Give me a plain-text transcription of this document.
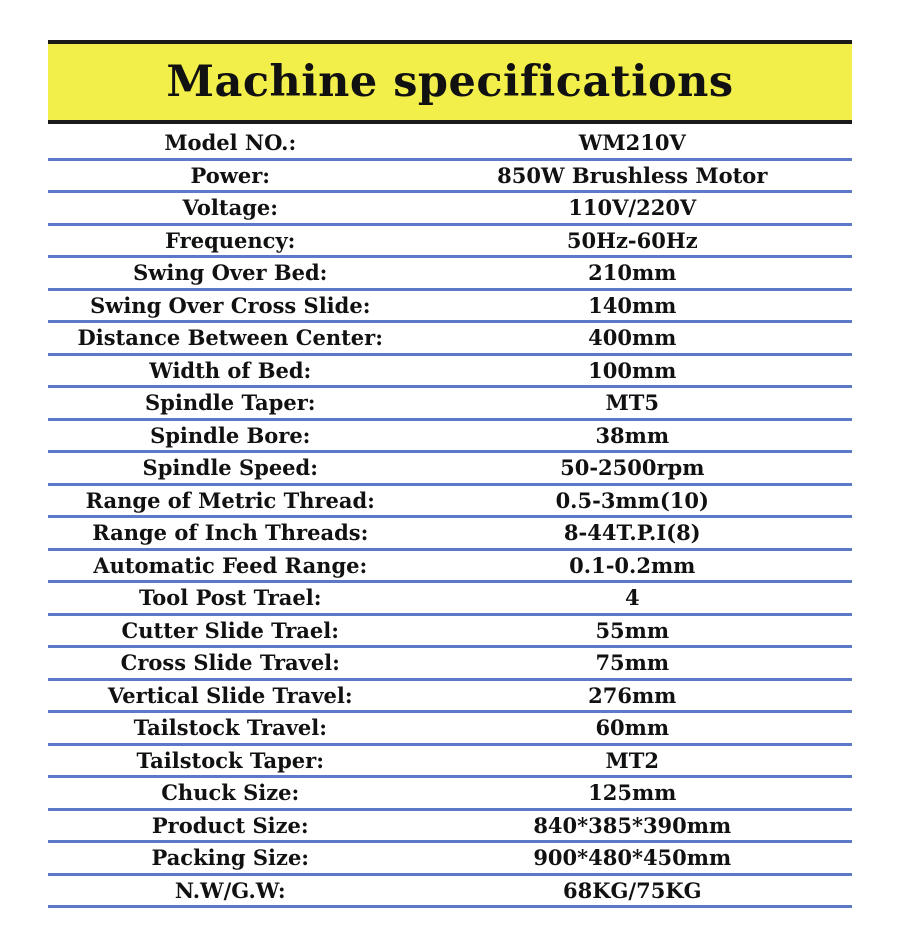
Machine specifications
Model NO.:	WM210V
Power:	850W Brushless Motor
Voltage:	110V/220V
Frequency:	50Hz-60Hz
Swing Over Bed:	210mm
Swing Over Cross Slide:	140mm
Distance Between Center:	400mm
Width of Bed:	100mm
Spindle Taper:	MT5
Spindle Bore:	38mm
Spindle Speed:	50-2500rpm
Range of Metric Thread:	0.5-3mm(10)
Range of Inch Threads:	8-44T.P.I(8)
Automatic Feed Range:	0.1-0.2mm
Tool Post Trael:	4
Cutter Slide Trael:	55mm
Cross Slide Travel:	75mm
Vertical Slide Travel:	276mm
Tailstock Travel:	60mm
Tailstock Taper:	MT2
Chuck Size:	125mm
Product Size:	840*385*390mm
Packing Size:	900*480*450mm
N.W/G.W:	68KG/75KG
